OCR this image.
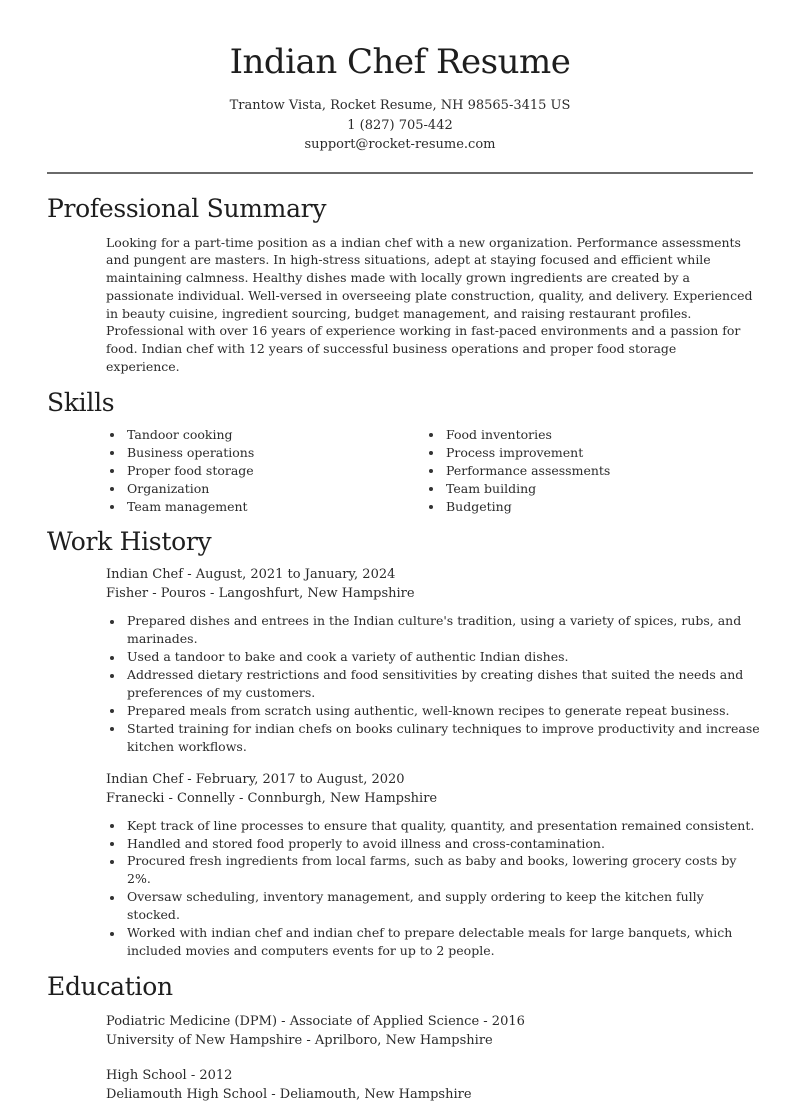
Indian Chef Resume
Trantow Vista, Rocket Resume, NH 98565-3415 US
1 (827) 705-442
support@rocket-resume.com
Professional Summary

Looking for a part-time position as a indian chef with a new organization. Performance assessments and pungent are masters. In high-stress situations, adept at staying focused and efficient while maintaining calmness. Healthy dishes made with locally grown ingredients are created by a passionate individual. Well-versed in overseeing plate construction, quality, and delivery. Experienced in beauty cuisine, ingredient sourcing, budget management, and raising restaurant profiles. Professional with over 16 years of experience working in fast-paced environments and a passion for food. Indian chef with 12 years of successful business operations and proper food storage experience.

Skills
Tandoor cooking
Business operations
Proper food storage
Organization
Team management
Food inventories
Process improvement
Performance assessments
Team building
Budgeting
Work History
Indian Chef - August, 2021 to January, 2024
Fisher - Pouros - Langoshfurt, New Hampshire
Prepared dishes and entrees in the Indian culture's tradition, using a variety of spices, rubs, and marinades.
Used a tandoor to bake and cook a variety of authentic Indian dishes.
Addressed dietary restrictions and food sensitivities by creating dishes that suited the needs and preferences of my customers.
Prepared meals from scratch using authentic, well-known recipes to generate repeat business.
Started training for indian chefs on books culinary techniques to improve productivity and increase kitchen workflows.
Indian Chef - February, 2017 to August, 2020
Franecki - Connelly - Connburgh, New Hampshire
Kept track of line processes to ensure that quality, quantity, and presentation remained consistent.
Handled and stored food properly to avoid illness and cross-contamination.
Procured fresh ingredients from local farms, such as baby and books, lowering grocery costs by 2%.
Oversaw scheduling, inventory management, and supply ordering to keep the kitchen fully stocked.
Worked with indian chef and indian chef to prepare delectable meals for large banquets, which included movies and computers events for up to 2 people.
Education
Podiatric Medicine (DPM) - Associate of Applied Science - 2016
University of New Hampshire - Aprilboro, New Hampshire
High School - 2012
Deliamouth High School - Deliamouth, New Hampshire
